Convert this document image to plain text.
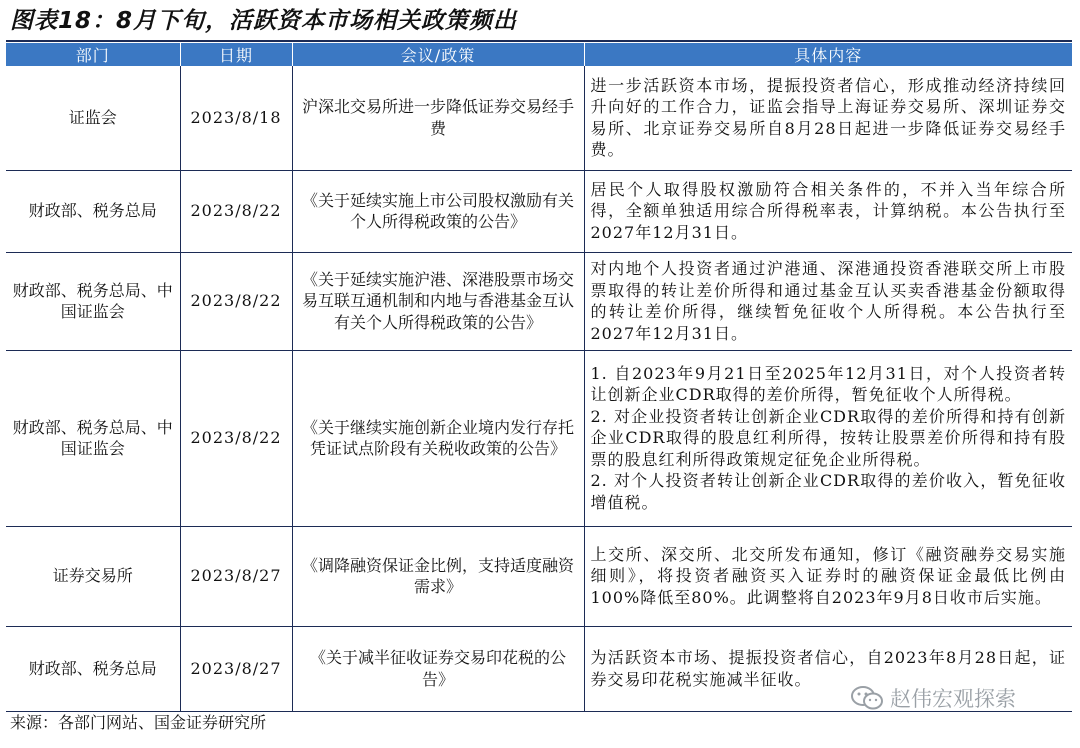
图表18：8月下旬，活跃资本市场相关政策频出
部门	日期	会议/政策	具体内容
证监会	2023/8/18	沪深北交易所进一步降低证券交易经手费	进一步活跃资本市场，提振投资者信心，形成推动经济持续回升向好的工作合力，证监会指导上海证券交易所、深圳证券交易所、北京证券交易所自8月28日起进一步降低证券交易经手费。
财政部、税务总局	2023/8/22	《关于延续实施上市公司股权激励有关个人所得税政策的公告》	居民个人取得股权激励符合相关条件的，不并入当年综合所得，全额单独适用综合所得税率表，计算纳税。本公告执行至2027年12月31日。
财政部、税务总局、中国证监会	2023/8/22	《关于延续实施沪港、深港股票市场交易互联互通机制和内地与香港基金互认有关个人所得税政策的公告》	对内地个人投资者通过沪港通、深港通投资香港联交所上市股票取得的转让差价所得和通过基金互认买卖香港基金份额取得的转让差价所得，继续暂免征收个人所得税。本公告执行至2027年12月31日。
财政部、税务总局、中国证监会	2023/8/22	《关于继续实施创新企业境内发行存托凭证试点阶段有关税收政策的公告》	1. 自2023年9月21日至2025年12月31日，对个人投资者转让创新企业CDR取得的差价所得，暂免征收个人所得税。
2. 对企业投资者转让创新企业CDR取得的差价所得和持有创新企业CDR取得的股息红利所得，按转让股票差价所得和持有股票的股息红利所得政策规定征免企业所得税。
2. 对个人投资者转让创新企业CDR取得的差价收入，暂免征收增值税。

证券交易所	2023/8/27	《调降融资保证金比例，支持适度融资需求》	上交所、深交所、北交所发布通知，修订《融资融券交易实施细则》，将投资者融资买入证券时的融资保证金最低比例由100%降低至80%。此调整将自2023年9月8日收市后实施。
财政部、税务总局	2023/8/27	《关于减半征收证券交易印花税的公告》	为活跃资本市场、提振投资者信心，自2023年8月28日起，证券交易印花税实施减半征收。
赵伟宏观探索
来源：各部门网站、国金证券研究所
